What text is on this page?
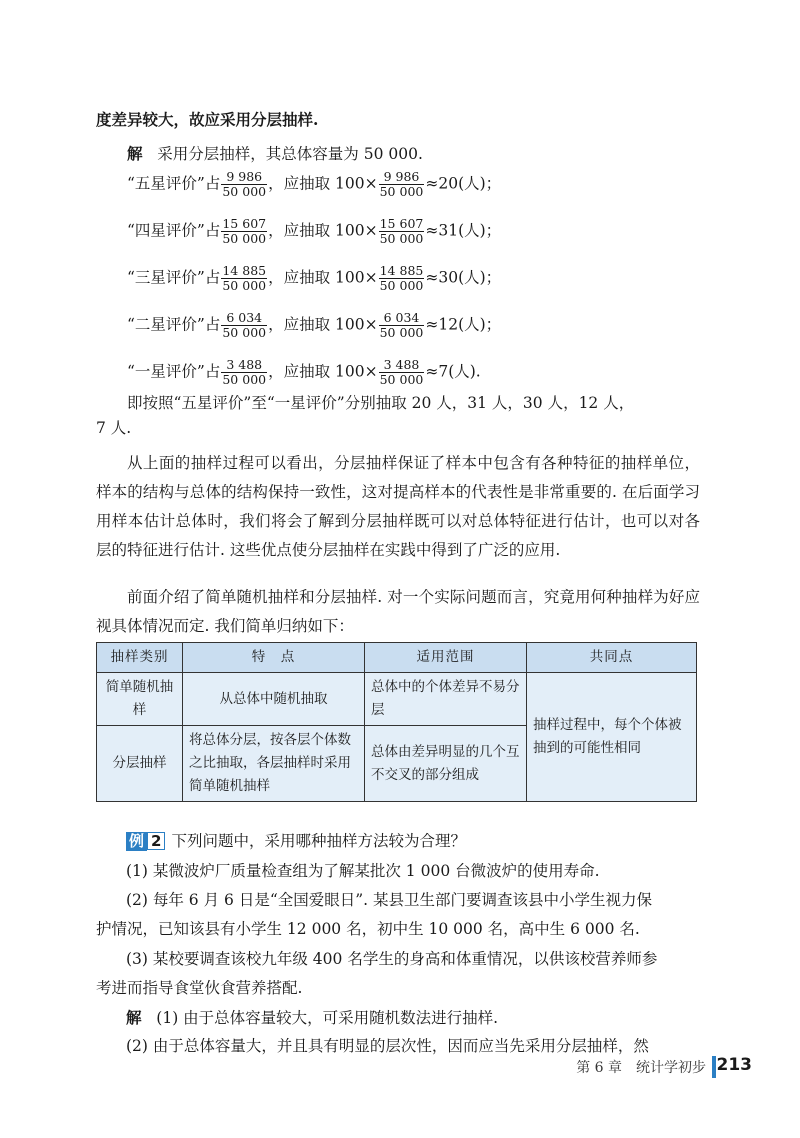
度差异较大，故应采用分层抽样.
解 采用分层抽样，其总体容量为 50 000.
“五星评价”占 $\frac{9 986}{50 000}$ ，应抽取 $100\times \frac{9 986}{50 000} \approx 20$(人)；
“四星评价”占 $\frac{15 607}{50 000}$ ，应抽取 $100\times \frac{15 607}{50 000} \approx 31$(人)；
“三星评价”占 $\frac{14 885}{50 000}$ ，应抽取 $100\times \frac{14 885}{50 000} \approx 30$(人)；
“二星评价”占 $\frac{6 034}{50 000}$ ，应抽取 $100\times \frac{6 034}{50 000} \approx 12$(人)；
“一星评价”占 $\frac{3 488}{50 000}$ ，应抽取 $100\times \frac{3 488}{50 000} \approx 7$(人).
即按照“五星评价”至“一星评价”分别抽取 20 人，31 人，30 人，12 人，
7 人.
从上面的抽样过程可以看出，分层抽样保证了样本中包含有各种特征的抽样单位，样本的结构与总体的结构保持一致性，这对提高样本的代表性是非常重要的. 在后面学习用样本估计总体时，我们将会了解到分层抽样既可以对总体特征进行估计，也可以对各层的特征进行估计. 这些优点使分层抽样在实践中得到了广泛的应用.
前面介绍了简单随机抽样和分层抽样. 对一个实际问题而言，究竟用何种抽样为好应视具体情况而定. 我们简单归纳如下：
抽样类别	特　点	适用范围	共同点
简单随机抽样	从总体中随机抽取	总体中的个体差异不易分层	抽样过程中，每个个体被抽到的可能性相同
分层抽样	将总体分层，按各层个体数之比抽取，各层抽样时采用简单随机抽样	总体由差异明显的几个互不交叉的部分组成	
例 2 下列问题中，采用哪种抽样方法较为合理？
(1) 某微波炉厂质量检查组为了解某批次 1 000 台微波炉的使用寿命.
(2) 每年 6 月 6 日是“全国爱眼日”. 某县卫生部门要调查该县中小学生视力保
护情况，已知该县有小学生 12 000 名，初中生 10 000 名，高中生 6 000 名.
(3) 某校要调查该校九年级 400 名学生的身高和体重情况，以供该校营养师参
考进而指导食堂伙食营养搭配.
解 (1) 由于总体容量较大，可采用随机数法进行抽样.
(2) 由于总体容量大，并且具有明显的层次性，因而应当先采用分层抽样，然
第 6 章　统计学初步 213
